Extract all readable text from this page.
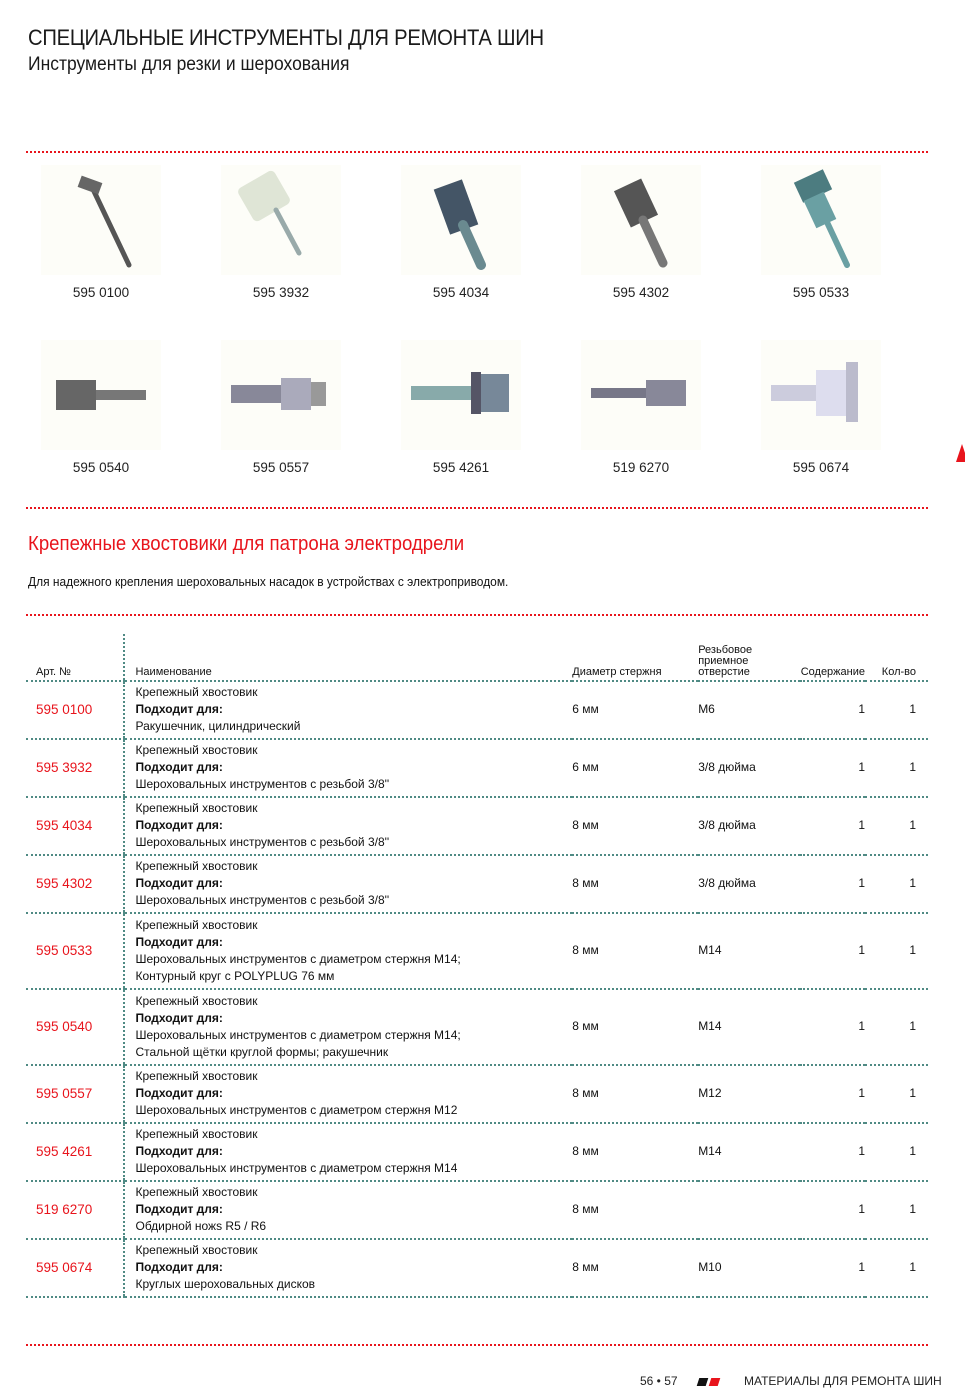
СПЕЦИАЛЬНЫЕ ИНСТРУМЕНТЫ ДЛЯ РЕМОНТА ШИН
Инструменты для резки и шерохования
595 0100	595 3932	595 4034	595 4302	595 0533
595 0540	595 0557	595 4261	519 6270	595 0674
Крепежные хвостовики для патрона электродрели

Для надежного крепления шероховальных насадок в устройствах с электроприводом.

Арт. №	Наименование	Диаметр стержня	Резьбовое
приемное
отверстие	Содержание	Кол-во
595 0100	Крепежный хвостовик
Подходит для:
Ракушечник, цилиндрический	6 мм	M6	1	1
595 3932	Крепежный хвостовик
Подходит для:
Шероховальных инструментов с резьбой 3/8''	6 мм	3/8 дюйма	1	1
595 4034	Крепежный хвостовик
Подходит для:
Шероховальных инструментов с резьбой 3/8''	8 мм	3/8 дюйма	1	1
595 4302	Крепежный хвостовик
Подходит для:
Шероховальных инструментов с резьбой 3/8''	8 мм	3/8 дюйма	1	1
595 0533	Крепежный хвостовик
Подходит для:
Шероховальных инструментов с диаметром стержня M14;
Контурный круг с POLYPLUG 76 мм	8 мм	M14	1	1
595 0540	Крепежный хвостовик
Подходит для:
Шероховальных инструментов с диаметром стержня M14;
Стальной щётки круглой формы; ракушечник	8 мм	M14	1	1
595 0557	Крепежный хвостовик
Подходит для:
Шероховальных инструментов с диаметром стержня M12	8 мм	M12	1	1
595 4261	Крепежный хвостовик
Подходит для:
Шероховальных инструментов с диаметром стержня M14	8 мм	M14	1	1
519 6270	Крепежный хвостовик
Подходит для:
Обдирной ножs R5 / R6	8 мм		1	1
595 0674	Крепежный хвостовик
Подходит для:
Круглых шероховальных дисков	8 мм	M10	1	1
56 • 57	МАТЕРИАЛЫ ДЛЯ РЕМОНТА ШИН
